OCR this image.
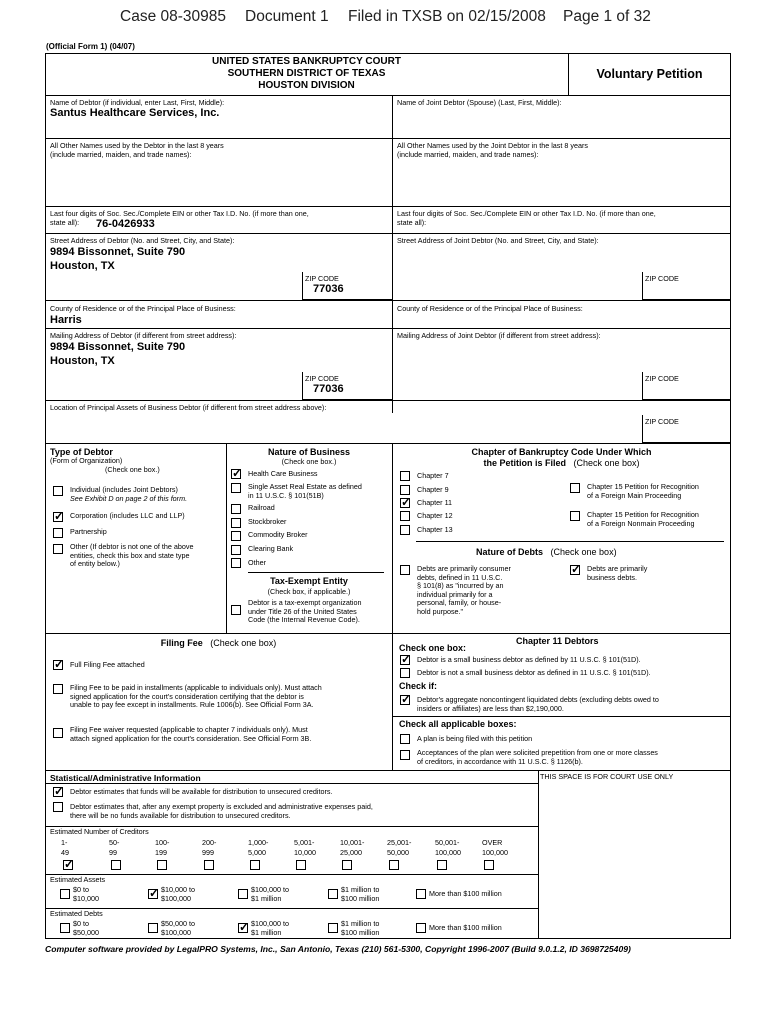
Case 08-30985 Document 1 Filed in TXSB on 02/15/2008 Page 1 of 32
(Official Form 1) (04/07)
UNITED STATES BANKRUPTCY COURT
SOUTHERN DISTRICT OF TEXAS
HOUSTON DIVISION
Voluntary Petition
Name of Debtor (if individual, enter Last, First, Middle):
Santus Healthcare Services, Inc.
Name of Joint Debtor (Spouse) (Last, First, Middle):
All Other Names used by the Debtor in the last 8 years
(include married, maiden, and trade names):
All Other Names used by the Joint Debtor in the last 8 years
(include married, maiden, and trade names):
Last four digits of Soc. Sec./Complete EIN or other Tax I.D. No. (if more than one,
state all):	76-0426933
Last four digits of Soc. Sec./Complete EIN or other Tax I.D. No. (if more than one,
state all):
Street Address of Debtor (No. and Street, City, and State):
9894 Bissonnet, Suite 790
Houston, TX
ZIP CODE
77036
Street Address of Joint Debtor (No. and Street, City, and State):
ZIP CODE
County of Residence or of the Principal Place of Business:
Harris
County of Residence or of the Principal Place of Business:
Mailing Address of Debtor (if different from street address):
9894 Bissonnet, Suite 790
Houston, TX
ZIP CODE
77036
Mailing Address of Joint Debtor (if different from street address):
ZIP CODE
Location of Principal Assets of Business Debtor (if different from street address above):
ZIP CODE
Type of Debtor
(Form of Organization)
(Check one box.)
Individual (includes Joint Debtors)
See Exhibit D on page 2 of this form.
✓
Corporation (includes LLC and LLP)
Partnership
Other (If debtor is not one of the above
entities, check this box and state type
of entity below.)
Nature of Business
(Check one box.)
✓
Health Care Business
Single Asset Real Estate as defined
in 11 U.S.C. § 101(51B)
Railroad
Stockbroker
Commodity Broker
Clearing Bank
Other
Tax-Exempt Entity
(Check box, if applicable.)
Debtor is a tax-exempt organization
under Title 26 of the United States
Code (the Internal Revenue Code).
Chapter of Bankruptcy Code Under Which
the Petition is Filed (Check one box)
Chapter 7
Chapter 9
✓
Chapter 11
Chapter 12
Chapter 13
Chapter 15 Petition for Recognition
of a Foreign Main Proceeding
Chapter 15 Petition for Recognition
of a Foreign Nonmain Proceeding
Nature of Debts (Check one box)
Debts are primarily consumer
debts, defined in 11 U.S.C.
§ 101(8) as "incurred by an
individual primarily for a
personal, family, or house-
hold purpose."
✓
Debts are primarily
business debts.
Filing Fee (Check one box)
✓
Full Filing Fee attached
Filing Fee to be paid in installments (applicable to individuals only). Must attach
signed application for the court's consideration certifying that the debtor is
unable to pay fee except in installments. Rule 1006(b). See Official Form 3A.
Filing Fee waiver requested (applicable to chapter 7 individuals only). Must
attach signed application for the court's consideration. See Official Form 3B.
Chapter 11 Debtors
Check one box:
✓
Debtor is a small business debtor as defined by 11 U.S.C. § 101(51D).
Debtor is not a small business debtor as defined in 11 U.S.C. § 101(51D).
Check if:
✓
Debtor's aggregate noncontingent liquidated debts (excluding debts owed to
insiders or affiliates) are less than $2,190,000.
Check all applicable boxes:
A plan is being filed with this petition
Acceptances of the plan were solicited prepetition from one or more classes
of creditors, in accordance with 11 U.S.C. § 1126(b).
Statistical/Administrative Information	THIS SPACE IS FOR COURT USE ONLY
✓
Debtor estimates that funds will be available for distribution to unsecured creditors.
Debtor estimates that, after any exempt property is excluded and administrative expenses paid,
there will be no funds available for distribution to unsecured creditors.
Estimated Number of Creditors
✓
1-
49
50-
99
100-
199
200-
999
1,000-
5,000
5,001-
10,000
10,001-
25,000
25,001-
50,000
50,001-
100,000
OVER
100,000
Estimated Assets
$0 to
$10,000
✓
$10,000 to
$100,000
$100,000 to
$1 million
$1 million to
$100 million
More than $100 million
Estimated Debts
$0 to
$50,000
$50,000 to
$100,000
✓
$100,000 to
$1 million
$1 million to
$100 million
More than $100 million
Computer software provided by LegalPRO Systems, Inc., San Antonio, Texas (210) 561-5300, Copyright 1996-2007 (Build 9.0.1.2, ID 3698725409)
